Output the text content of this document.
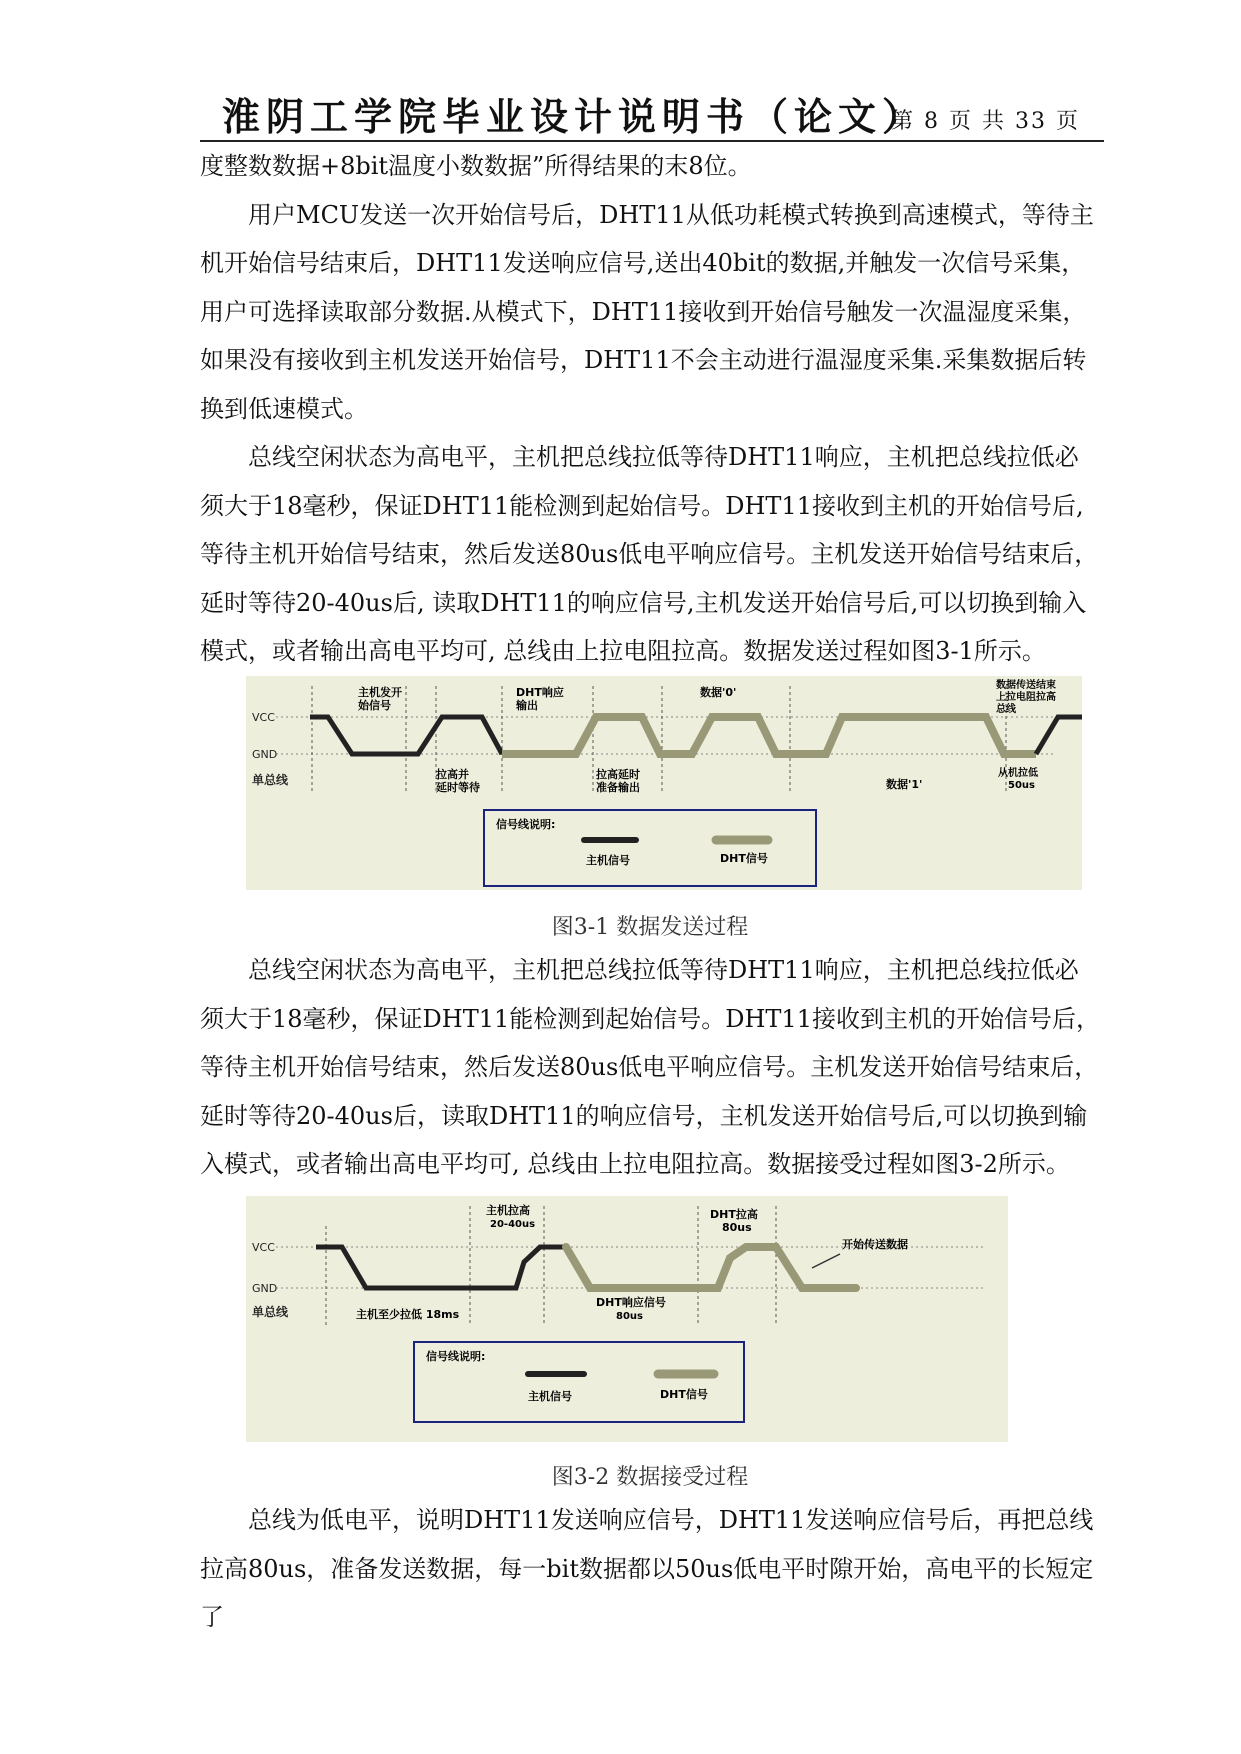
淮阴工学院毕业设计说明书（论文）
第 8 页 共 33 页

度整数数据+8bit温度小数数据”所得结果的末8位。

用户MCU发送一次开始信号后，DHT11从低功耗模式转换到高速模式，等待主机开始信号结束后，DHT11发送响应信号,送出40bit的数据,并触发一次信号采集，用户可选择读取部分数据.从模式下，DHT11接收到开始信号触发一次温湿度采集，如果没有接收到主机发送开始信号，DHT11不会主动进行温湿度采集.采集数据后转换到低速模式。

总线空闲状态为高电平，主机把总线拉低等待DHT11响应，主机把总线拉低必须大于18毫秒，保证DHT11能检测到起始信号。DHT11接收到主机的开始信号后,等待主机开始信号结束，然后发送80us低电平响应信号。主机发送开始信号结束后，延时等待20-40us后, 读取DHT11的响应信号,主机发送开始信号后,可以切换到输入模式，或者输出高电平均可, 总线由上拉电阻拉高。数据发送过程如图3-1所示。

VCC
GND
单总线
主机发开
始信号
DHT响应
输出
数据'0'
数据传送结束
上拉电阻拉高
总线
拉高并
延时等待
拉高延时
准备输出	数据'1'
从机拉低
50us
信号线说明:
主机信号	DHT信号
图3-1 数据发送过程

总线空闲状态为高电平，主机把总线拉低等待DHT11响应，主机把总线拉低必须大于18毫秒，保证DHT11能检测到起始信号。DHT11接收到主机的开始信号后，等待主机开始信号结束，然后发送80us低电平响应信号。主机发送开始信号结束后，延时等待20-40us后，读取DHT11的响应信号，主机发送开始信号后,可以切换到输入模式，或者输出高电平均可, 总线由上拉电阻拉高。数据接受过程如图3-2所示。

VCC
GND
单总线
主机拉高
20-40us
DHT拉高
80us
开始传送数据
主机至少拉低 18ms
DHT响应信号
80us
信号线说明:
主机信号	DHT信号
图3-2 数据接受过程

总线为低电平，说明DHT11发送响应信号，DHT11发送响应信号后，再把总线拉高80us，准备发送数据，每一bit数据都以50us低电平时隙开始，高电平的长短定了
